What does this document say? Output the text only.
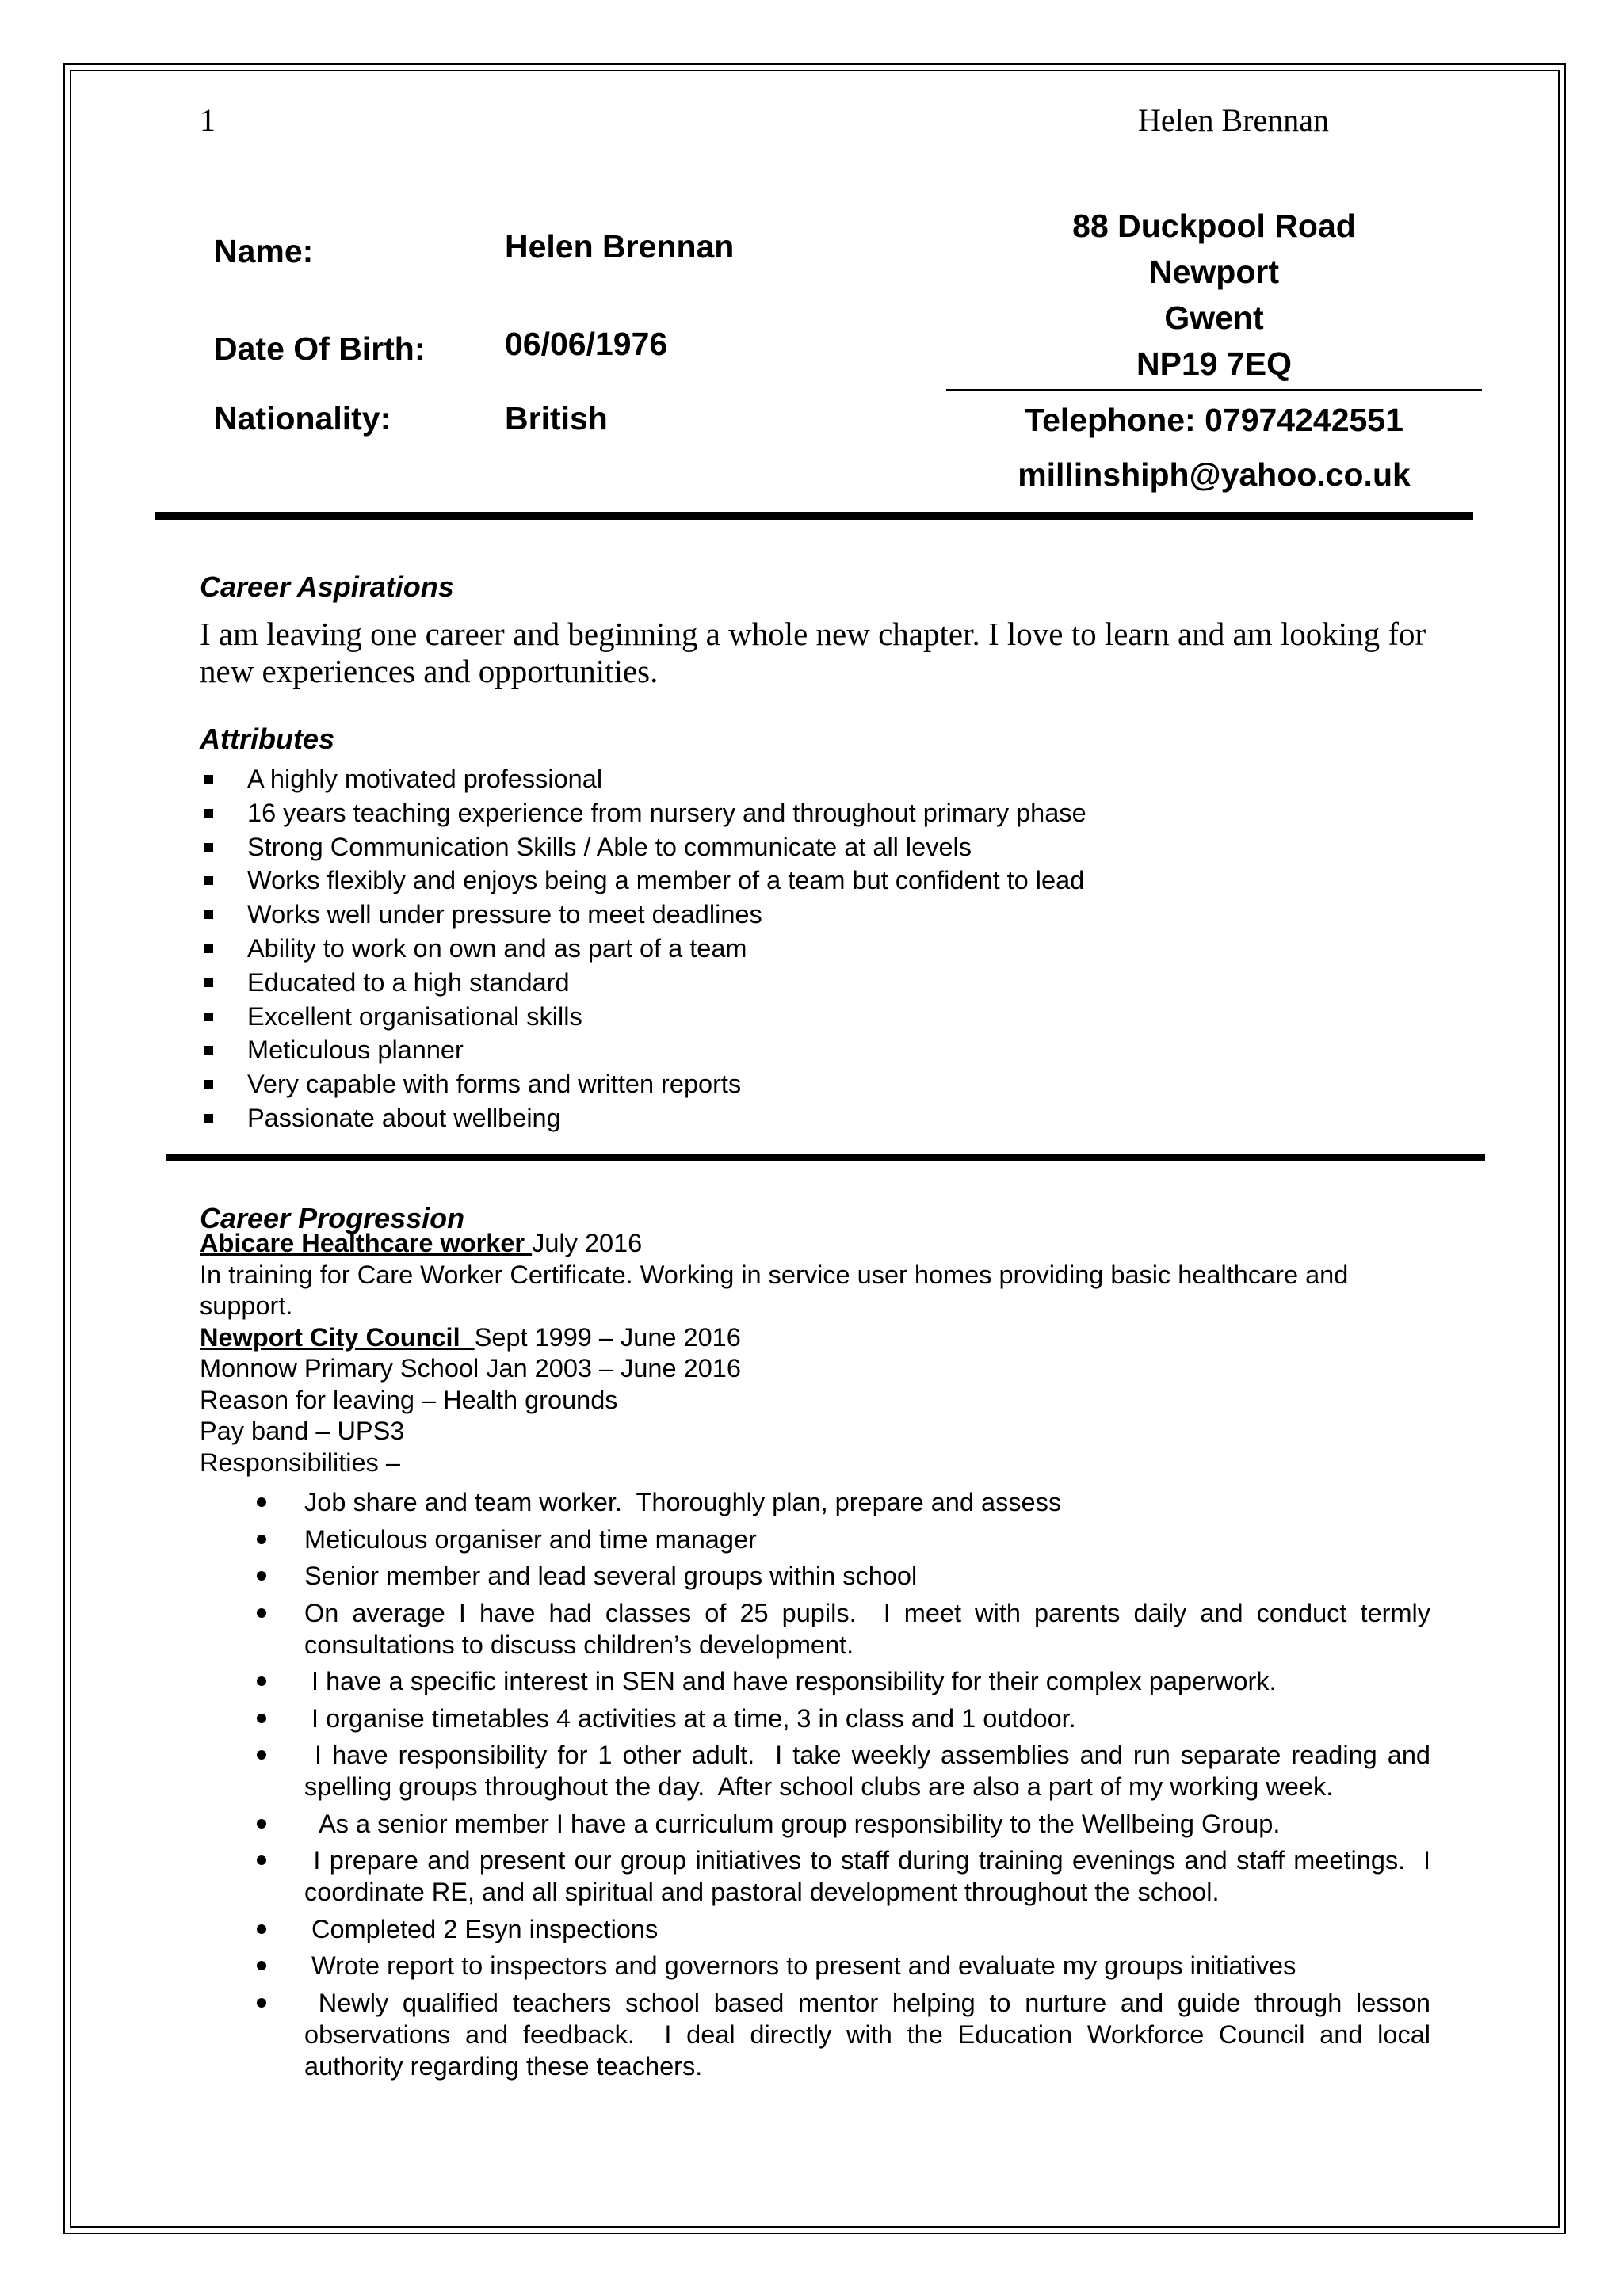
1	Helen Brennan
Name:	Helen Brennan
Date Of Birth: 06/06/1976
Nationality:	British
88 Duckpool Road
Newport
Gwent
NP19 7EQ
Telephone: 07974242551
millinshiph@yahoo.co.uk
Career Aspirations
I am leaving one career and beginning a whole new chapter. I love to learn and am looking for new experiences and opportunities.
Attributes
A highly motivated professional
16 years teaching experience from nursery and throughout primary phase
Strong Communication Skills / Able to communicate at all levels
Works flexibly and enjoys being a member of a team but confident to lead
Works well under pressure to meet deadlines
Ability to work on own and as part of a team
Educated to a high standard
Excellent organisational skills
Meticulous planner
Very capable with forms and written reports
Passionate about wellbeing
Career Progression
Abicare Healthcare worker July 2016
In training for Care Worker Certificate. Working in service user homes providing basic healthcare and support.
Newport City Council  Sept 1999 – June 2016
Monnow Primary School Jan 2003 – June 2016
Reason for leaving – Health grounds
Pay band – UPS3
Responsibilities –
Job share and team worker.  Thoroughly plan, prepare and assess
Meticulous organiser and time manager
Senior member and lead several groups within school
On average I have had classes of 25 pupils.  I meet with parents daily and conduct termly consultations to discuss children’s development.
I have a specific interest in SEN and have responsibility for their complex paperwork.
I organise timetables 4 activities at a time, 3 in class and 1 outdoor.
I have responsibility for 1 other adult.  I take weekly assemblies and run separate reading and spelling groups throughout the day.  After school clubs are also a part of my working week.
As a senior member I have a curriculum group responsibility to the Wellbeing Group.
I prepare and present our group initiatives to staff during training evenings and staff meetings.  I coordinate RE, and all spiritual and pastoral development throughout the school.
Completed 2 Esyn inspections
Wrote report to inspectors and governors to present and evaluate my groups initiatives
Newly qualified teachers school based mentor helping to nurture and guide through lesson observations and feedback.  I deal directly with the Education Workforce Council and local authority regarding these teachers.
